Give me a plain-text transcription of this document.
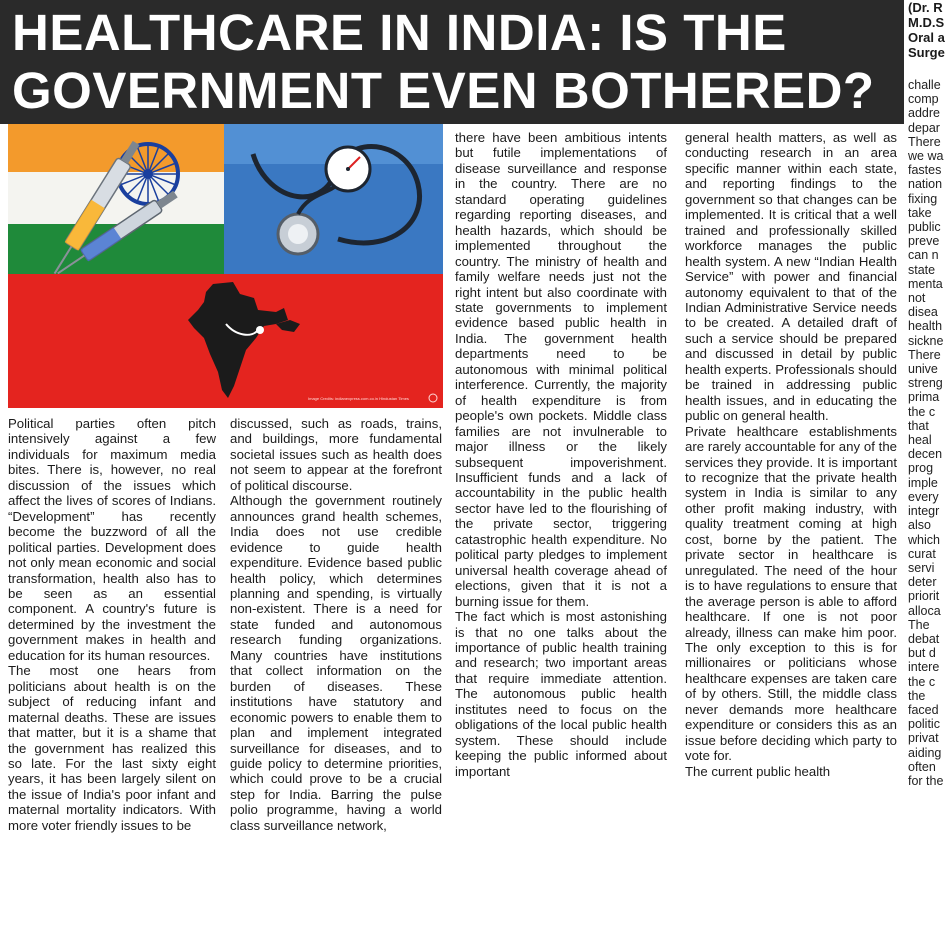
HEALTHCARE IN INDIA: IS THE GOVERNMENT EVEN BOTHERED?
(Dr. R
M.D.S
Oral a
Surge
challe
comp
addre
depar
There
we wa
fastes
nation
fixing
take
public
preve
can n
state
menta
not
disea
health
sickne
There
unive
streng
prima
the c
that
heal
decen
prog
imple
every
integr
also
which
curat
servi
deter
priorit
alloca
The
debat
but d
intere
the c
the
faced
politic
privat
aiding
often
for the
Image Credits: indianexpress.com.co.in Hindustan Times

Political parties often pitch intensively against a few individuals for maximum media bites. There is, however, no real discussion of the issues which affect the lives of scores of Indians. “Development” has recently become the buzzword of all the political parties. Development does not only mean economic and social transformation, health also has to be seen as an essential component. A country's future is determined by the investment the government makes in health and education for its human resources.

The most one hears from politicians about health is on the subject of reducing infant and maternal deaths. These are issues that matter, but it is a shame that the government has realized this so late. For the last sixty eight years, it has been largely silent on the issue of India's poor infant and maternal mortality indicators. With more voter friendly issues to be

discussed, such as roads, trains, and buildings, more fundamental societal issues such as health does not seem to appear at the forefront of political discourse.

Although the government routinely announces grand health schemes, India does not use credible evidence to guide health expenditure. Evidence based public health policy, which determines planning and spending, is virtually non-existent. There is a need for state funded and autonomous research funding organizations. Many countries have institutions that collect information on the burden of diseases. These institutions have statutory and economic powers to enable them to plan and implement integrated surveillance for diseases, and to guide policy to determine priorities, which could prove to be a crucial step for India. Barring the pulse polio programme, having a world class surveillance network,

there have been ambitious intents but futile implementations of disease surveillance and response in the country. There are no standard operating guidelines regarding reporting diseases, and health hazards, which should be implemented throughout the country. The ministry of health and family welfare needs just not the right intent but also coordinate with state governments to implement evidence based public health in India. The government health departments need to be autonomous with minimal political interference. Currently, the majority of health expenditure is from people's own pockets. Middle class families are not invulnerable to major illness or the likely subsequent impoverishment. Insufficient funds and a lack of accountability in the public health sector have led to the flourishing of the private sector, triggering catastrophic health expenditure. No political party pledges to implement universal health coverage ahead of elections, given that it is not a burning issue for them.

The fact which is most astonishing is that no one talks about the importance of public health training and research; two important areas that require immediate attention. The autonomous public health institutes need to focus on the obligations of the local public health system. These should include keeping the public informed about important

general health matters, as well as conducting research in an area specific manner within each state, and reporting findings to the government so that changes can be implemented. It is critical that a well trained and professionally skilled workforce manages the public health system. A new “Indian Health Service” with power and financial autonomy equivalent to that of the Indian Administrative Service needs to be created. A detailed draft of such a service should be prepared and discussed in detail by public health experts. Professionals should be trained in addressing public health issues, and in educating the public on general health.

Private healthcare establishments are rarely accountable for any of the services they provide. It is important to recognize that the private health system in India is similar to any other profit making industry, with quality treatment coming at high cost, borne by the patient. The private sector in healthcare is unregulated. The need of the hour is to have regulations to ensure that the average person is able to afford healthcare. If one is not poor already, illness can make him poor. The only exception to this is for millionaires or politicians whose healthcare expenses are taken care of by others. Still, the middle class never demands more healthcare expenditure or considers this as an issue before deciding which party to vote for.

The current public health
